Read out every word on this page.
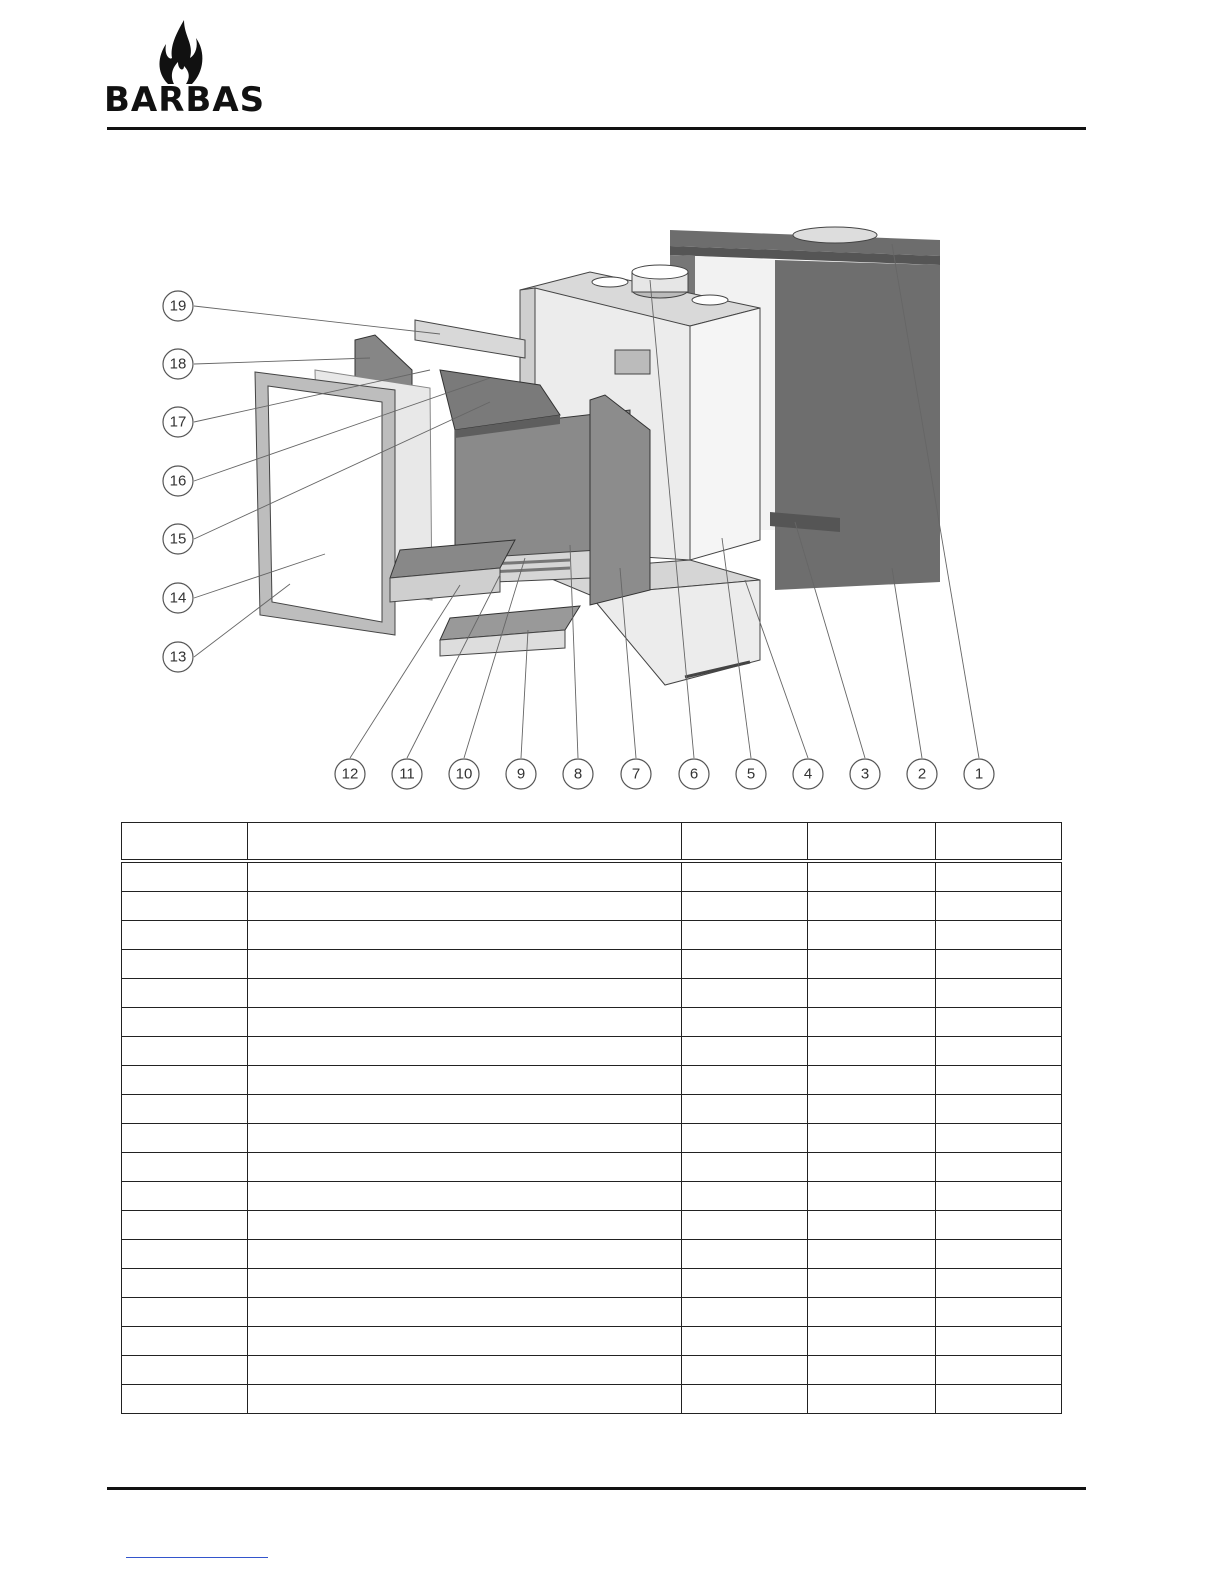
BARBAS
19
18
17
16
15
14
13
12	11	10	9	8	7	6	5	4	3	2	1
